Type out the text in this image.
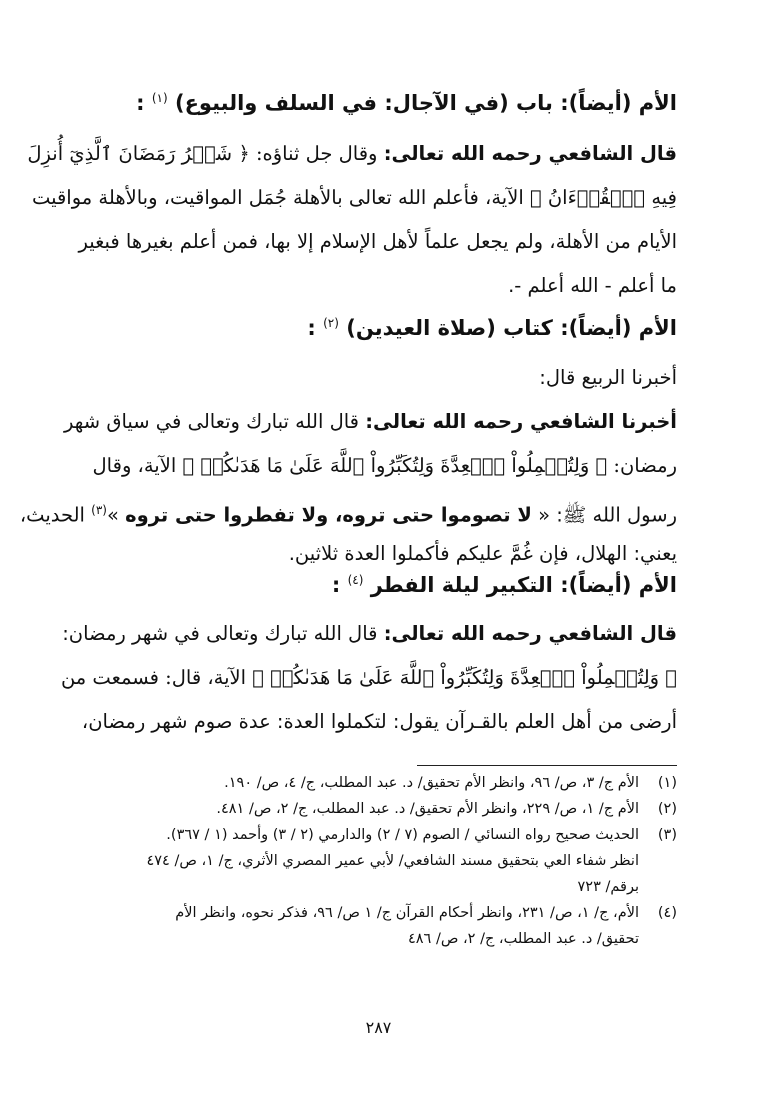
الأم (أيضاً): باب (في الآجال: في السلف والبيوع) $^{(١)}$ :
قال الشافعي رحمه الله تعالى: وقال جل ثناؤه: ﴿ شَهۡرُ رَمَضَانَ ٱلَّذِيٓ أُنزِلَ
فِيهِ ٱلۡقُرۡءَانُ ﴾ الآية، فأعلم الله تعالى بالأهلة جُمَل المواقيت، وبالأهلة مواقيت
الأيام من الأهلة، ولم يجعل علماً لأهل الإسلام إلا بها، فمن أعلم بغيرها فبغير
ما أعلم - الله أعلم -.
الأم (أيضاً): كتاب (صلاة العيدين) $^{(٢)}$ :
أخبرنا الربيع قال:
أخبرنا الشافعي رحمه الله تعالى: قال الله تبارك وتعالى في سياق شهر
رمضان: ﴿ وَلِتُكۡمِلُواْ ٱلۡعِدَّةَ وَلِتُكَبِّرُواْ ٱللَّهَ عَلَىٰ مَا هَدَىٰكُمۡ ﴾ الآية، وقال
رسول الله ﷺ: « لا تصوموا حتى تروه، ولا تفطروا حتى تروه »$^{(٣)}$ الحديث،
يعني: الهلال، فإن غُمَّ عليكم فأكملوا العدة ثلاثين.
الأم (أيضاً): التكبير ليلة الفطر $^{(٤)}$ :
قال الشافعي رحمه الله تعالى: قال الله تبارك وتعالى في شهر رمضان:
﴿ وَلِتُكۡمِلُواْ ٱلۡعِدَّةَ وَلِتُكَبِّرُواْ ٱللَّهَ عَلَىٰ مَا هَدَىٰكُمۡ ﴾ الآية، قال: فسمعت من
أرضى من أهل العلم بالقـرآن يقول: لتكملوا العدة: عدة صوم شهر رمضان،
(١)
الأم ج/ ٣، ص/ ٩٦، وانظر الأم تحقيق/ د. عبد المطلب، ج/ ٤، ص/ ١٩٠.
(٢)
الأم ج/ ١، ص/ ٢٢٩، وانظر الأم تحقيق/ د. عبد المطلب، ج/ ٢، ص/ ٤٨١.
(٣)
الحديث صحيح رواه النسائي / الصوم (٧ / ٢) والدارمي (٢ / ٣) وأحمد (١ / ٣٦٧).
انظر شفاء العي بتحقيق مسند الشافعي/ لأبي عمير المصري الأثري، ج/ ١، ص/ ٤٧٤
برقم/ ٧٢٣
(٤)
الأم، ج/ ١، ص/ ٢٣١، وانظر أحكام القرآن ج/ ١ ص/ ٩٦، فذكر نحوه، وانظر الأم
تحقيق/ د. عبد المطلب، ج/ ٢، ص/ ٤٨٦
٢٨٧
